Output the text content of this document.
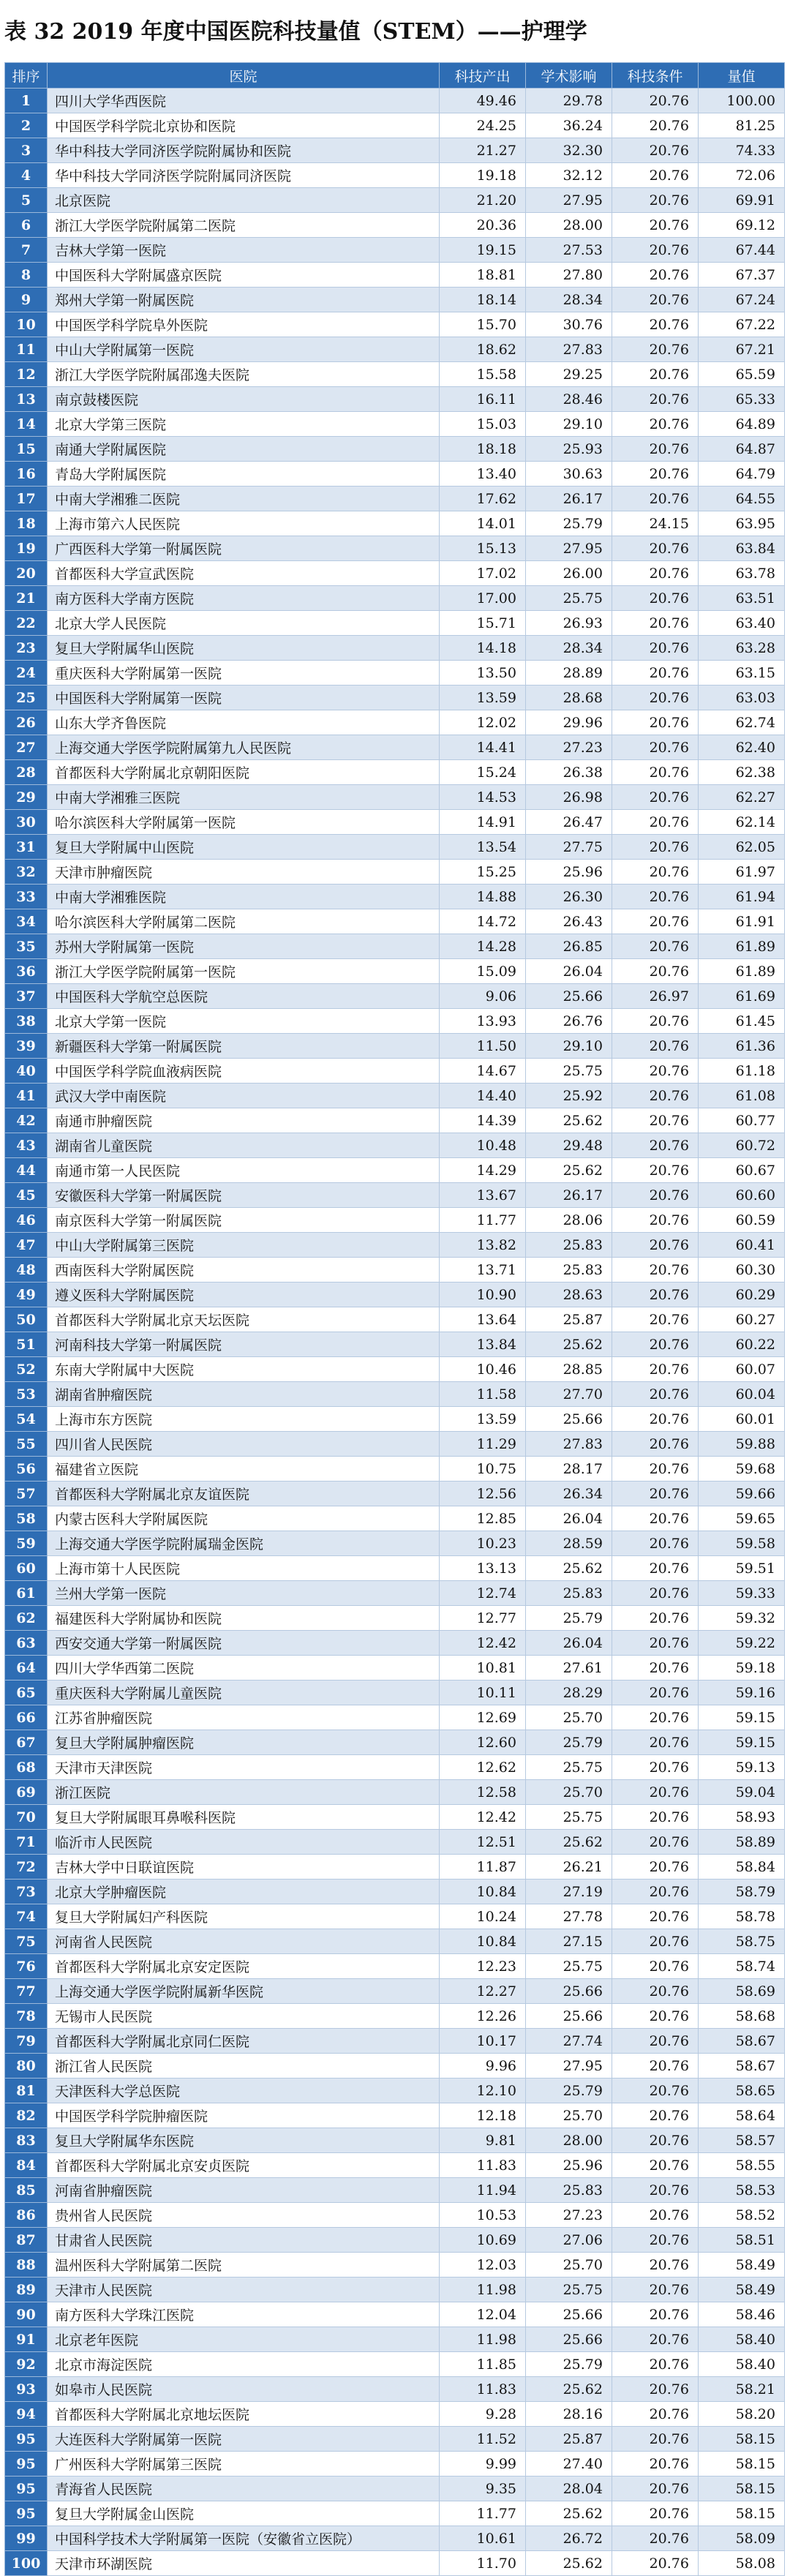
表 32 2019 年度中国医院科技量值（STEM）——护理学
排序	医院	科技产出	学术影响	科技条件	量值
1	四川大学华西医院	49.46	29.78	20.76	100.00
2	中国医学科学院北京协和医院	24.25	36.24	20.76	81.25
3	华中科技大学同济医学院附属协和医院	21.27	32.30	20.76	74.33
4	华中科技大学同济医学院附属同济医院	19.18	32.12	20.76	72.06
5	北京医院	21.20	27.95	20.76	69.91
6	浙江大学医学院附属第二医院	20.36	28.00	20.76	69.12
7	吉林大学第一医院	19.15	27.53	20.76	67.44
8	中国医科大学附属盛京医院	18.81	27.80	20.76	67.37
9	郑州大学第一附属医院	18.14	28.34	20.76	67.24
10	中国医学科学院阜外医院	15.70	30.76	20.76	67.22
11	中山大学附属第一医院	18.62	27.83	20.76	67.21
12	浙江大学医学院附属邵逸夫医院	15.58	29.25	20.76	65.59
13	南京鼓楼医院	16.11	28.46	20.76	65.33
14	北京大学第三医院	15.03	29.10	20.76	64.89
15	南通大学附属医院	18.18	25.93	20.76	64.87
16	青岛大学附属医院	13.40	30.63	20.76	64.79
17	中南大学湘雅二医院	17.62	26.17	20.76	64.55
18	上海市第六人民医院	14.01	25.79	24.15	63.95
19	广西医科大学第一附属医院	15.13	27.95	20.76	63.84
20	首都医科大学宣武医院	17.02	26.00	20.76	63.78
21	南方医科大学南方医院	17.00	25.75	20.76	63.51
22	北京大学人民医院	15.71	26.93	20.76	63.40
23	复旦大学附属华山医院	14.18	28.34	20.76	63.28
24	重庆医科大学附属第一医院	13.50	28.89	20.76	63.15
25	中国医科大学附属第一医院	13.59	28.68	20.76	63.03
26	山东大学齐鲁医院	12.02	29.96	20.76	62.74
27	上海交通大学医学院附属第九人民医院	14.41	27.23	20.76	62.40
28	首都医科大学附属北京朝阳医院	15.24	26.38	20.76	62.38
29	中南大学湘雅三医院	14.53	26.98	20.76	62.27
30	哈尔滨医科大学附属第一医院	14.91	26.47	20.76	62.14
31	复旦大学附属中山医院	13.54	27.75	20.76	62.05
32	天津市肿瘤医院	15.25	25.96	20.76	61.97
33	中南大学湘雅医院	14.88	26.30	20.76	61.94
34	哈尔滨医科大学附属第二医院	14.72	26.43	20.76	61.91
35	苏州大学附属第一医院	14.28	26.85	20.76	61.89
36	浙江大学医学院附属第一医院	15.09	26.04	20.76	61.89
37	中国医科大学航空总医院	9.06	25.66	26.97	61.69
38	北京大学第一医院	13.93	26.76	20.76	61.45
39	新疆医科大学第一附属医院	11.50	29.10	20.76	61.36
40	中国医学科学院血液病医院	14.67	25.75	20.76	61.18
41	武汉大学中南医院	14.40	25.92	20.76	61.08
42	南通市肿瘤医院	14.39	25.62	20.76	60.77
43	湖南省儿童医院	10.48	29.48	20.76	60.72
44	南通市第一人民医院	14.29	25.62	20.76	60.67
45	安徽医科大学第一附属医院	13.67	26.17	20.76	60.60
46	南京医科大学第一附属医院	11.77	28.06	20.76	60.59
47	中山大学附属第三医院	13.82	25.83	20.76	60.41
48	西南医科大学附属医院	13.71	25.83	20.76	60.30
49	遵义医科大学附属医院	10.90	28.63	20.76	60.29
50	首都医科大学附属北京天坛医院	13.64	25.87	20.76	60.27
51	河南科技大学第一附属医院	13.84	25.62	20.76	60.22
52	东南大学附属中大医院	10.46	28.85	20.76	60.07
53	湖南省肿瘤医院	11.58	27.70	20.76	60.04
54	上海市东方医院	13.59	25.66	20.76	60.01
55	四川省人民医院	11.29	27.83	20.76	59.88
56	福建省立医院	10.75	28.17	20.76	59.68
57	首都医科大学附属北京友谊医院	12.56	26.34	20.76	59.66
58	内蒙古医科大学附属医院	12.85	26.04	20.76	59.65
59	上海交通大学医学院附属瑞金医院	10.23	28.59	20.76	59.58
60	上海市第十人民医院	13.13	25.62	20.76	59.51
61	兰州大学第一医院	12.74	25.83	20.76	59.33
62	福建医科大学附属协和医院	12.77	25.79	20.76	59.32
63	西安交通大学第一附属医院	12.42	26.04	20.76	59.22
64	四川大学华西第二医院	10.81	27.61	20.76	59.18
65	重庆医科大学附属儿童医院	10.11	28.29	20.76	59.16
66	江苏省肿瘤医院	12.69	25.70	20.76	59.15
67	复旦大学附属肿瘤医院	12.60	25.79	20.76	59.15
68	天津市天津医院	12.62	25.75	20.76	59.13
69	浙江医院	12.58	25.70	20.76	59.04
70	复旦大学附属眼耳鼻喉科医院	12.42	25.75	20.76	58.93
71	临沂市人民医院	12.51	25.62	20.76	58.89
72	吉林大学中日联谊医院	11.87	26.21	20.76	58.84
73	北京大学肿瘤医院	10.84	27.19	20.76	58.79
74	复旦大学附属妇产科医院	10.24	27.78	20.76	58.78
75	河南省人民医院	10.84	27.15	20.76	58.75
76	首都医科大学附属北京安定医院	12.23	25.75	20.76	58.74
77	上海交通大学医学院附属新华医院	12.27	25.66	20.76	58.69
78	无锡市人民医院	12.26	25.66	20.76	58.68
79	首都医科大学附属北京同仁医院	10.17	27.74	20.76	58.67
80	浙江省人民医院	9.96	27.95	20.76	58.67
81	天津医科大学总医院	12.10	25.79	20.76	58.65
82	中国医学科学院肿瘤医院	12.18	25.70	20.76	58.64
83	复旦大学附属华东医院	9.81	28.00	20.76	58.57
84	首都医科大学附属北京安贞医院	11.83	25.96	20.76	58.55
85	河南省肿瘤医院	11.94	25.83	20.76	58.53
86	贵州省人民医院	10.53	27.23	20.76	58.52
87	甘肃省人民医院	10.69	27.06	20.76	58.51
88	温州医科大学附属第二医院	12.03	25.70	20.76	58.49
89	天津市人民医院	11.98	25.75	20.76	58.49
90	南方医科大学珠江医院	12.04	25.66	20.76	58.46
91	北京老年医院	11.98	25.66	20.76	58.40
92	北京市海淀医院	11.85	25.79	20.76	58.40
93	如皋市人民医院	11.83	25.62	20.76	58.21
94	首都医科大学附属北京地坛医院	9.28	28.16	20.76	58.20
95	大连医科大学附属第一医院	11.52	25.87	20.76	58.15
95	广州医科大学附属第三医院	9.99	27.40	20.76	58.15
95	青海省人民医院	9.35	28.04	20.76	58.15
95	复旦大学附属金山医院	11.77	25.62	20.76	58.15
99	中国科学技术大学附属第一医院（安徽省立医院）	10.61	26.72	20.76	58.09
100	天津市环湖医院	11.70	25.62	20.76	58.08
